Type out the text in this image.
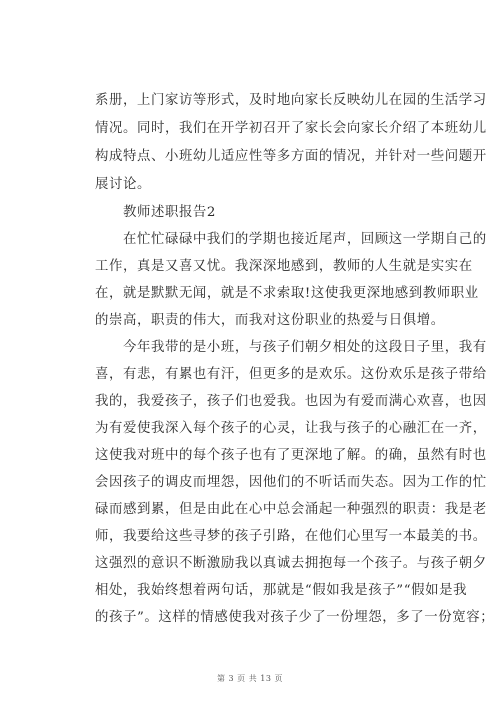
系册，上门家访等形式，及时地向家长反映幼儿在园的生活学习
情况。同时，我们在开学初召开了家长会向家长介绍了本班幼儿
构成特点、小班幼儿适应性等多方面的情况，并针对一些问题开
展讨论。
　　教师述职报告2
　　在忙忙碌碌中我们的学期也接近尾声，回顾这一学期自己的
工作，真是又喜又忧。我深深地感到，教师的人生就是实实在
在，就是默默无闻，就是不求索取!这使我更深地感到教师职业
的崇高，职责的伟大，而我对这份职业的热爱与日俱增。
　　今年我带的是小班，与孩子们朝夕相处的这段日子里，我有
喜，有悲，有累也有汗，但更多的是欢乐。这份欢乐是孩子带给
我的，我爱孩子，孩子们也爱我。也因为有爱而满心欢喜，也因
为有爱使我深入每个孩子的心灵，让我与孩子的心融汇在一齐，
这使我对班中的每个孩子也有了更深地了解。的确，虽然有时也
会因孩子的调皮而埋怨，因他们的不听话而失态。因为工作的忙
碌而感到累，但是由此在心中总会涌起一种强烈的职责：我是老
师，我要给这些寻梦的孩子引路，在他们心里写一本最美的书。
这强烈的意识不断激励我以真诚去拥抱每一个孩子。与孩子朝夕
相处，我始终想着两句话，那就是“假如我是孩子”“假如是我
的孩子”。这样的情感使我对孩子少了一份埋怨，多了一份宽容；
第 3 页 共 13 页
